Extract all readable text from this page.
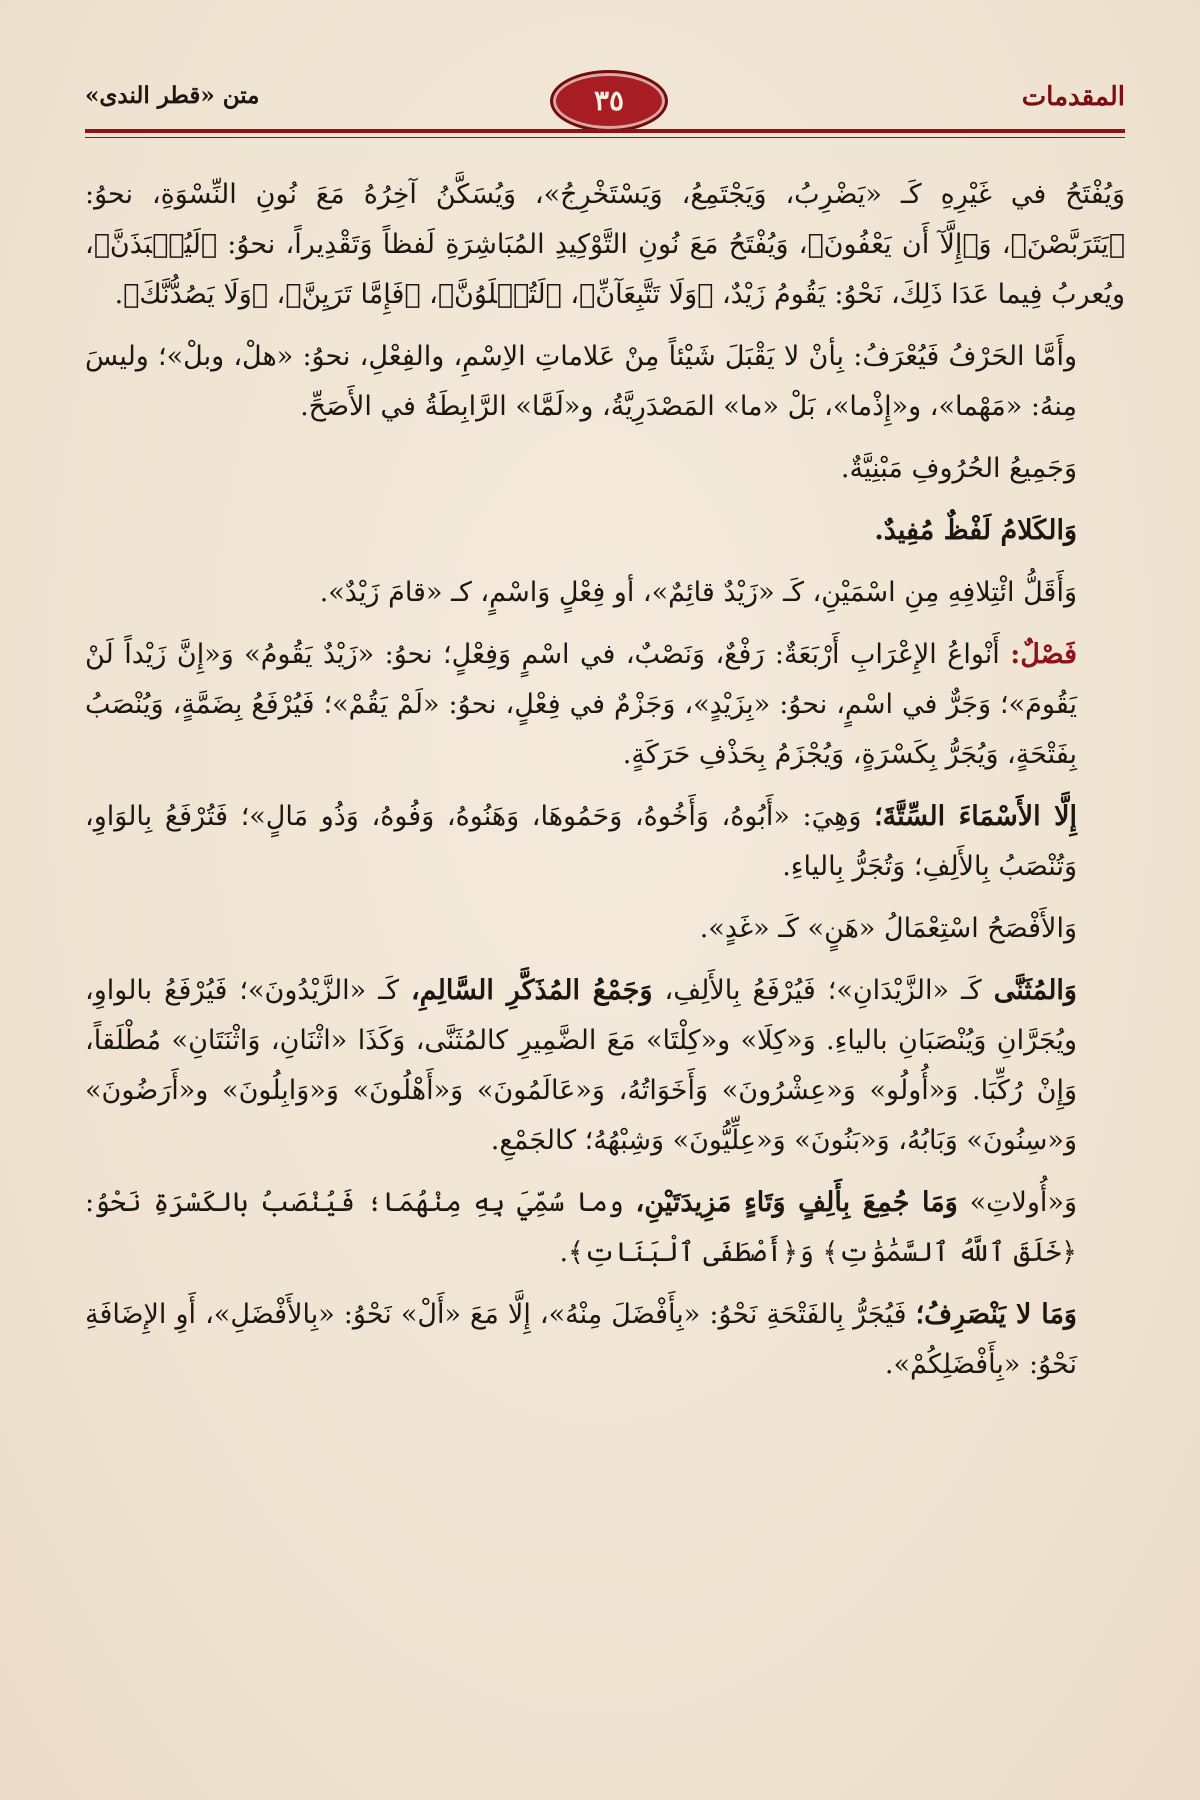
المقدمات
٣٥
متن «قطر الندى»

وَيُفْتَحُ في غَيْرِهِ كَـ «يَضْرِبُ، وَيَجْتَمِعُ، وَيَسْتَخْرِجُ»، وَيُسَكَّنُ آخِرُهُ مَعَ نُونِ النِّسْوَةِ، نحوُ: ﴿يَتَرَبَّصْنَ﴾، وَ﴿إِلَّآ أَن يَعْفُونَ﴾، وَيُفْتَحُ مَعَ نُونِ التَّوْكِيدِ المُبَاشِرَةِ لَفظاً وَتَقْدِيراً، نحوُ: ﴿لَيُنۢبَذَنَّ﴾، ويُعربُ فِيما عَدَا ذَلِكَ، نَحْوُ: يَقُومُ زَيْدٌ، ﴿وَلَا تَتَّبِعَآنِّ﴾، ﴿لَتُبۡلَوُنَّ﴾، ﴿فَإِمَّا تَرَيِنَّ﴾، ﴿وَلَا يَصُدُّنَّكَ﴾.

وأَمَّا الحَرْفُ فَيُعْرَفُ: بِأنْ لا يَقْبَلَ شَيْئاً مِنْ عَلاماتِ الاِسْمِ، والفِعْلِ، نحوُ: «هلْ، وبلْ»؛ وليسَ مِنهُ: «مَهْما»، و«إِذْما»، بَلْ «ما» المَصْدَرِيَّةُ، و«لَمَّا» الرَّابِطَةُ في الأَصَحِّ.

وَجَمِيعُ الحُرُوفِ مَبْنِيَّةٌ.

وَالكَلامُ لَفْظٌ مُفِيدٌ.

وَأَقَلُّ ائْتِلافِهِ مِنِ اسْمَيْنِ، كَـ «زَيْدٌ قائِمٌ»، أو فِعْلٍ وَاسْمٍ، كـ «قامَ زَيْدٌ».

فَصْلٌ: أَنْواعُ الإِعْرَابِ أَرْبَعَةٌ: رَفْعٌ، وَنَصْبٌ، في اسْمٍ وَفِعْلٍ؛ نحوُ: «زَيْدٌ يَقُومُ» وَ«إِنَّ زَيْداً لَنْ يَقُومَ»؛ وَجَرٌّ في اسْمٍ، نحوُ: «بِزَيْدٍ»، وَجَزْمٌ في فِعْلٍ، نحوُ: «لَمْ يَقُمْ»؛ فَيُرْفَعُ بِضَمَّةٍ، وَيُنْصَبُ بِفَتْحَةٍ، وَيُجَرُّ بِكَسْرَةٍ، وَيُجْزَمُ بِحَذْفِ حَرَكَةٍ.

إِلَّا الأَسْمَاءَ السِّتَّةَ؛ وَهِيَ: «أَبُوهُ، وَأَخُوهُ، وَحَمُوهَا، وَهَنُوهُ، وَفُوهُ، وَذُو مَالٍ»؛ فَتُرْفَعُ بِالوَاوِ، وَتُنْصَبُ بِالأَلِفِ؛ وَتُجَرُّ بِالياءِ.

وَالأَفْصَحُ اسْتِعْمَالُ «هَنٍ» كَـ «غَدٍ».

وَالمُثَنَّى كَـ «الزَّيْدَانِ»؛ فَيُرْفَعُ بِالأَلِفِ، وَجَمْعُ المُذَكَّرِ السَّالِمِ، كَـ «الزَّيْدُونَ»؛ فَيُرْفَعُ بالواوِ، ويُجَرَّانِ وَيُنْصَبَانِ بالياءِ. وَ«كِلَا» و«كِلْتَا» مَعَ الضَّمِيرِ كالمُثَنَّى، وَكَذَا «اثْنَانِ، وَاثْنَتَانِ» مُطْلَقاً، وَإِنْ رُكِّبَا. وَ«أُولُو» وَ«عِشْرُونَ» وَأَخَوَاتُهُ، وَ«عَالَمُونَ» وَ«أَهْلُونَ» وَ«وَابِلُونَ» و«أَرَضُونَ» وَ«سِنُونَ» وَبَابُهُ، وَ«بَنُونَ» وَ«عِلِّيُّونَ» وَشِبْهُهُ؛ كالجَمْعِ.

وَ«أُولاتِ» وَمَا جُمِعَ بِأَلِفٍ وَتَاءٍ مَزِيدَتَيْنِ، وما سُمِّيَ بِهِ مِنْهُمَا؛ فَيُنْصَبُ بالكَسْرَةِ نَحْوُ: ﴿خَلَقَ ٱللَّهُ ٱلسَّمَٰوَٰتِ﴾ وَ﴿أَصْطَفَى ٱلْبَنَاتِ﴾.

وَمَا لا يَنْصَرِفُ؛ فَيُجَرُّ بِالفَتْحَةِ نَحْوُ: «بِأَفْضَلَ مِنْهُ»، إِلَّا مَعَ «أَلْ» نَحْوُ: «بِالأَفْضَلِ»، أَوِ الإِضَافَةِ نَحْوُ: «بِأَفْضَلِكُمْ».
